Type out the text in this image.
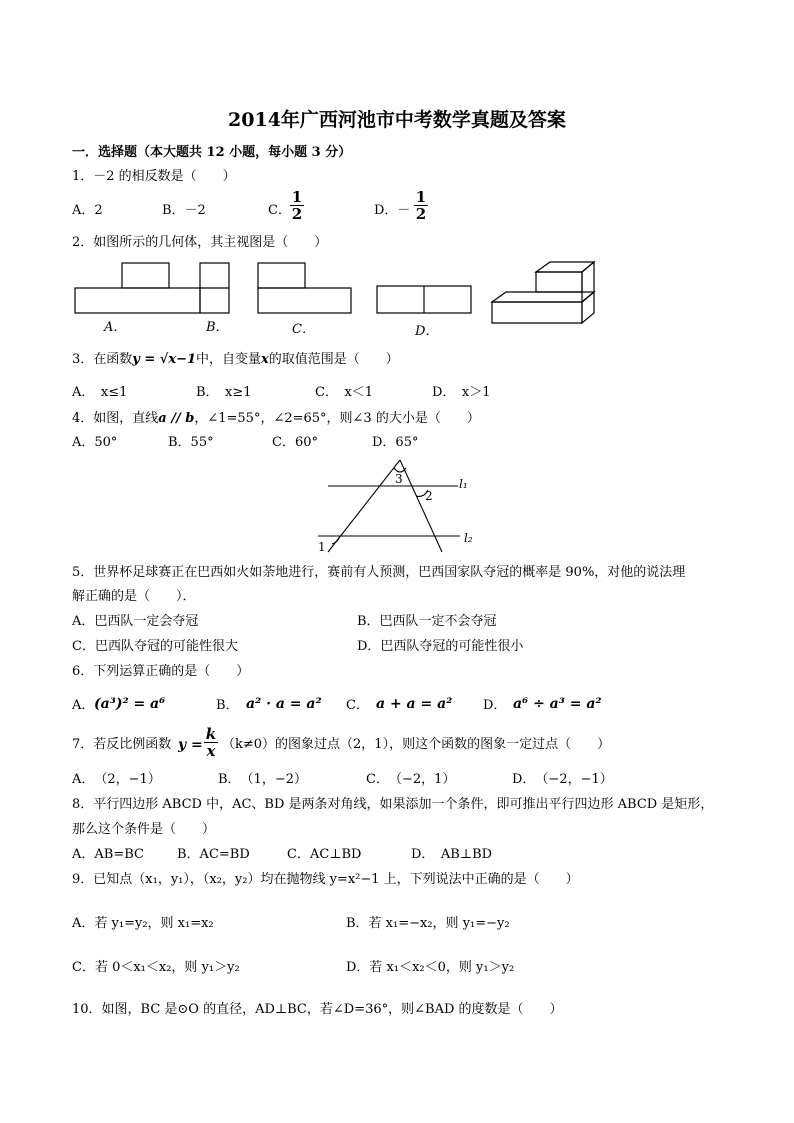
2014年广西河池市中考数学真题及答案
一．选择题（本大题共 12 小题，每小题 3 分）
1．－2 的相反数是（　　）
A．2	B．－2	C． $\frac{1}{2}$	D．－ $\frac{1}{2}$
2．如图所示的几何体，其主视图是（　　）
A．	B．	C．	D．
3．在函数y = √x−1中，自变量x的取值范围是（　　）
A．　x≤1	B．　x≥1	C．　x＜1	D．　x＞1
4．如图，直线a // b，∠1=55°，∠2=65°，则∠3 的大小是（　　）
A．50°	B．55°	C．60°	D．65°
3
2
1
l₁
l₂
5．世界杯足球赛正在巴西如火如荼地进行，赛前有人预测，巴西国家队夺冠的概率是 90%，对他的说法理
解正确的是（　　）．
A．巴西队一定会夺冠	B．巴西队一定不会夺冠
C．巴西队夺冠的可能性很大	D．巴西队夺冠的可能性很小
6．下列运算正确的是（　　）
A． (a³)² = a⁶	B． a² · a = a² C． a + a = a² D． a⁶ ÷ a³ = a²
7．若反比例函数 $y = \frac{k}{x} (k\ne 0)$的图象过点（2，1），则这个函数的图象一定过点（　　）
A．　（2，−1）	B．　（1，−2）	C．　（−2，1）	D．　（−2，−1）
8．平行四边形 ABCD 中，AC、BD 是两条对角线，如果添加一个条件，即可推出平行四边形 ABCD 是矩形，
那么这个条件是（　　）
A．AB=BC	B．AC=BD	C．AC⊥BD	D．　AB⊥BD
9．已知点（x₁，y₁），（x₂，y₂）均在抛物线 y=x²−1 上，下列说法中正确的是（　　）
A．若 y₁=y₂，则 x₁=x₂	B．若 x₁=−x₂，则 y₁=−y₂
C．若 0＜x₁＜x₂，则 y₁＞y₂	D．若 x₁＜x₂＜0，则 y₁＞y₂
10．如图，BC 是⊙O 的直径，AD⊥BC，若∠D=36°，则∠BAD 的度数是（　　）
